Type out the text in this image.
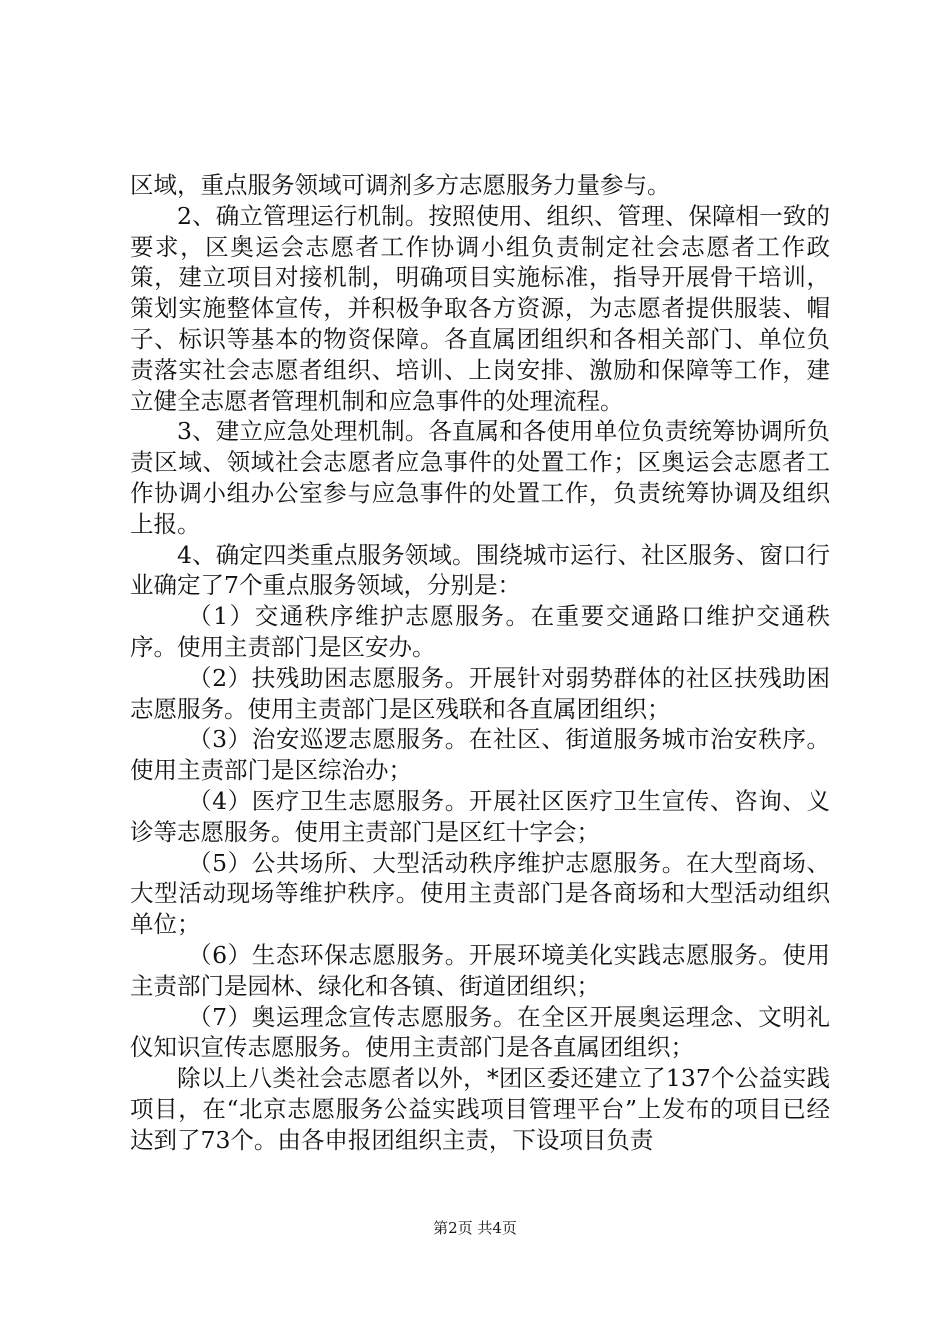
区域，重点服务领域可调剂多方志愿服务力量参与。

2、确立管理运行机制。按照使用、组织、管理、保障相一致的要求，区奥运会志愿者工作协调小组负责制定社会志愿者工作政策，建立项目对接机制，明确项目实施标准，指导开展骨干培训，策划实施整体宣传，并积极争取各方资源，为志愿者提供服装、帽子、标识等基本的物资保障。各直属团组织和各相关部门、单位负责落实社会志愿者组织、培训、上岗安排、激励和保障等工作，建立健全志愿者管理机制和应急事件的处理流程。

3、建立应急处理机制。各直属和各使用单位负责统筹协调所负责区域、领域社会志愿者应急事件的处置工作；区奥运会志愿者工作协调小组办公室参与应急事件的处置工作，负责统筹协调及组织上报。

4、确定四类重点服务领域。围绕城市运行、社区服务、窗口行业确定了7个重点服务领域，分别是：

（1）交通秩序维护志愿服务。在重要交通路口维护交通秩序。使用主责部门是区安办。

（2）扶残助困志愿服务。开展针对弱势群体的社区扶残助困志愿服务。使用主责部门是区残联和各直属团组织；

（3）治安巡逻志愿服务。在社区、街道服务城市治安秩序。使用主责部门是区综治办；

（4）医疗卫生志愿服务。开展社区医疗卫生宣传、咨询、义诊等志愿服务。使用主责部门是区红十字会；

（5）公共场所、大型活动秩序维护志愿服务。在大型商场、大型活动现场等维护秩序。使用主责部门是各商场和大型活动组织单位；

（6）生态环保志愿服务。开展环境美化实践志愿服务。使用主责部门是园林、绿化和各镇、街道团组织；

（7）奥运理念宣传志愿服务。在全区开展奥运理念、文明礼仪知识宣传志愿服务。使用主责部门是各直属团组织；

除以上八类社会志愿者以外，*团区委还建立了137个公益实践项目，在“北京志愿服务公益实践项目管理平台”上发布的项目已经达到了73个。由各申报团组织主责，下设项目负责

第2页 共4页
